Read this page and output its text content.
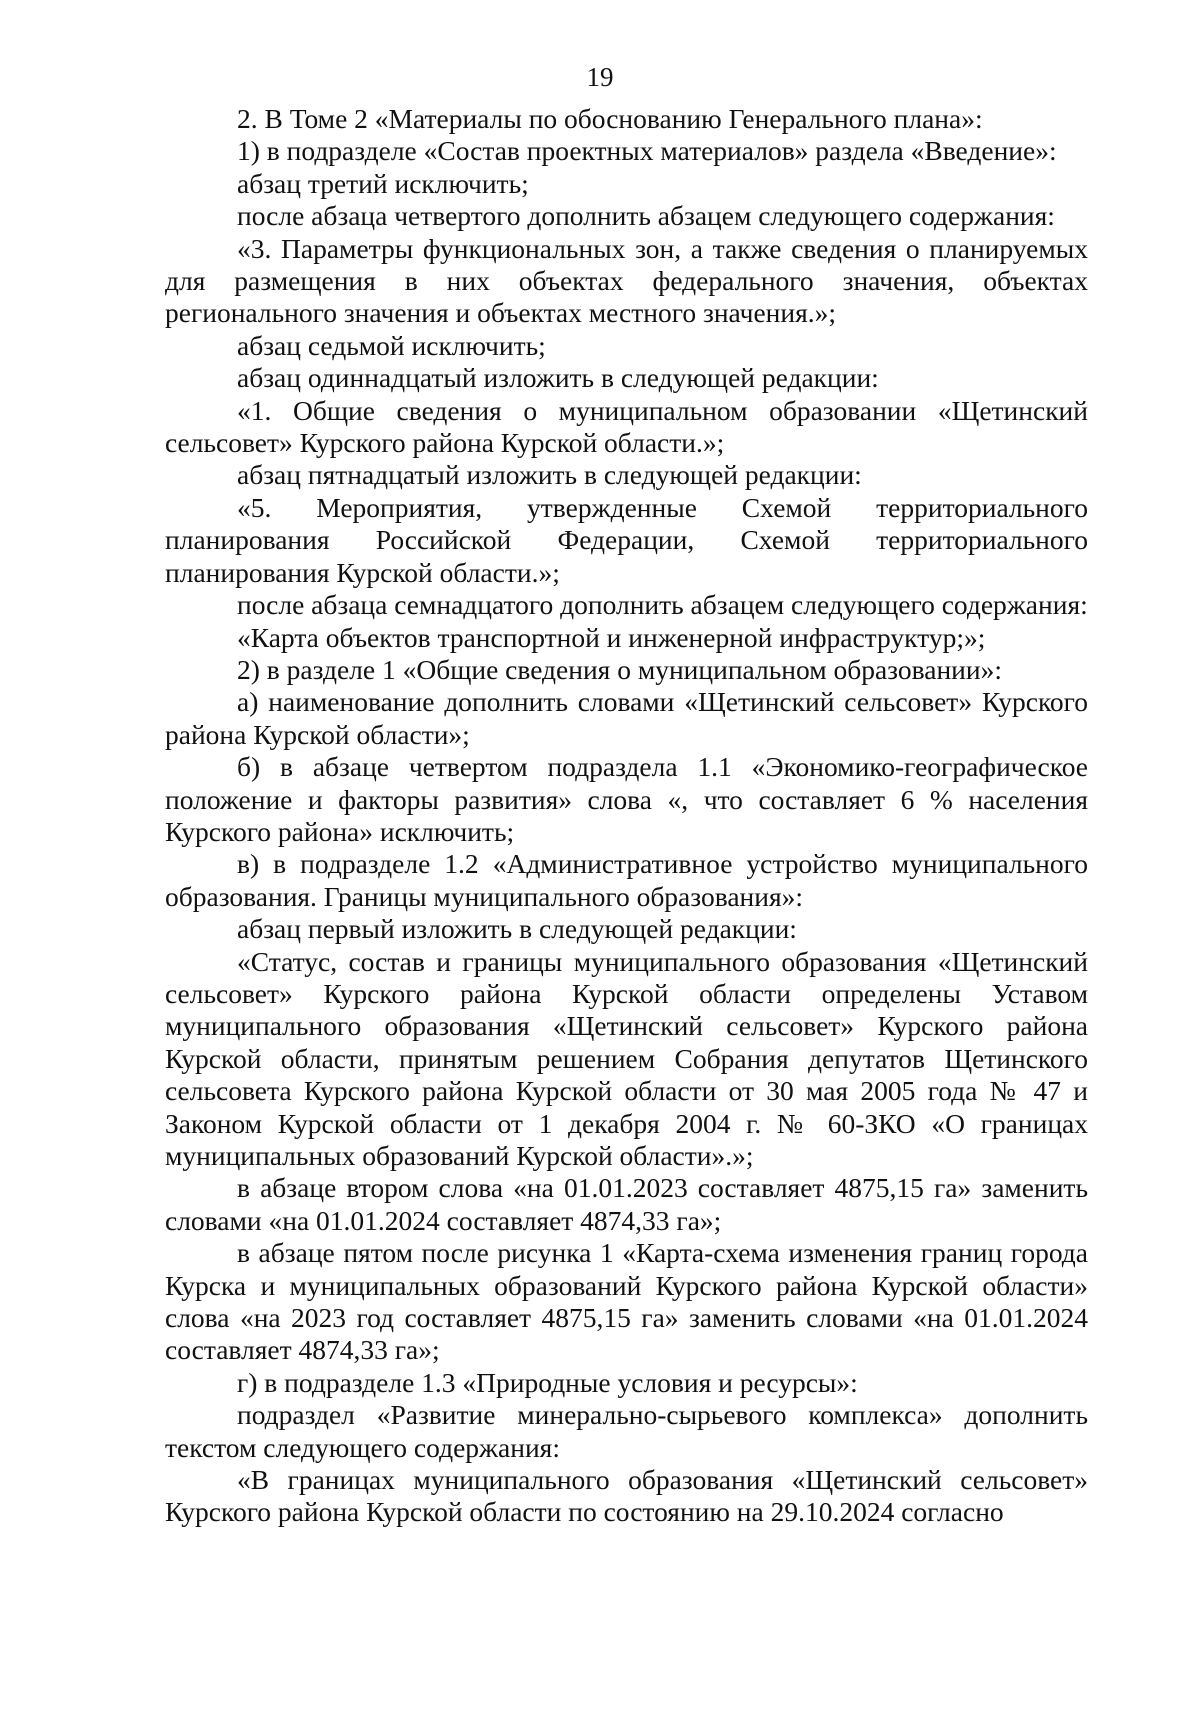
19

2. В Томе 2 «Материалы по обоснованию Генерального плана»:

1) в подразделе «Состав проектных материалов» раздела «Введение»:

абзац третий исключить;

после абзаца четвертого дополнить абзацем следующего содержания:

«3. Параметры функциональных зон, а также сведения о планируемых для размещения в них объектах федерального значения, объектах регионального значения и объектах местного значения.»;

абзац седьмой исключить;

абзац одиннадцатый изложить в следующей редакции:

«1. Общие сведения о муниципальном образовании «Щетинский сельсовет» Курского района Курской области.»;

абзац пятнадцатый изложить в следующей редакции:

«5. Мероприятия, утвержденные Схемой территориального планирования Российской Федерации, Схемой территориального планирования Курской области.»;

после абзаца семнадцатого дополнить абзацем следующего содержания:

«Карта объектов транспортной и инженерной инфраструктур;»;

2) в разделе 1 «Общие сведения о муниципальном образовании»:

а) наименование дополнить словами «Щетинский сельсовет» Курского района Курской области»;

б) в абзаце четвертом подраздела 1.1 «Экономико-географическое положение и факторы развития» слова «, что составляет 6 % населения Курского района» исключить;

в) в подразделе 1.2 «Административное устройство муниципального образования. Границы муниципального образования»:

абзац первый изложить в следующей редакции:

«Статус, состав и границы муниципального образования «Щетинский сельсовет» Курского района Курской области определены Уставом муниципального образования «Щетинский сельсовет» Курского района Курской области, принятым решением Собрания депутатов Щетинского сельсовета Курского района Курской области от 30 мая 2005 года № 47 и Законом Курской области от 1 декабря 2004 г. № 60-ЗКО «О границах муниципальных образований Курской области».»;

в абзаце втором слова «на 01.01.2023 составляет 4875,15 га» заменить словами «на 01.01.2024 составляет 4874,33 га»;

в абзаце пятом после рисунка 1 «Карта-схема изменения границ города Курска и муниципальных образований Курского района Курской области» слова «на 2023 год составляет 4875,15 га» заменить словами «на 01.01.2024 составляет 4874,33 га»;

г) в подразделе 1.3 «Природные условия и ресурсы»:

подраздел «Развитие минерально-сырьевого комплекса» дополнить текстом следующего содержания:

«В границах муниципального образования «Щетинский сельсовет» Курского района Курской области по состоянию на 29.10.2024 согласно
